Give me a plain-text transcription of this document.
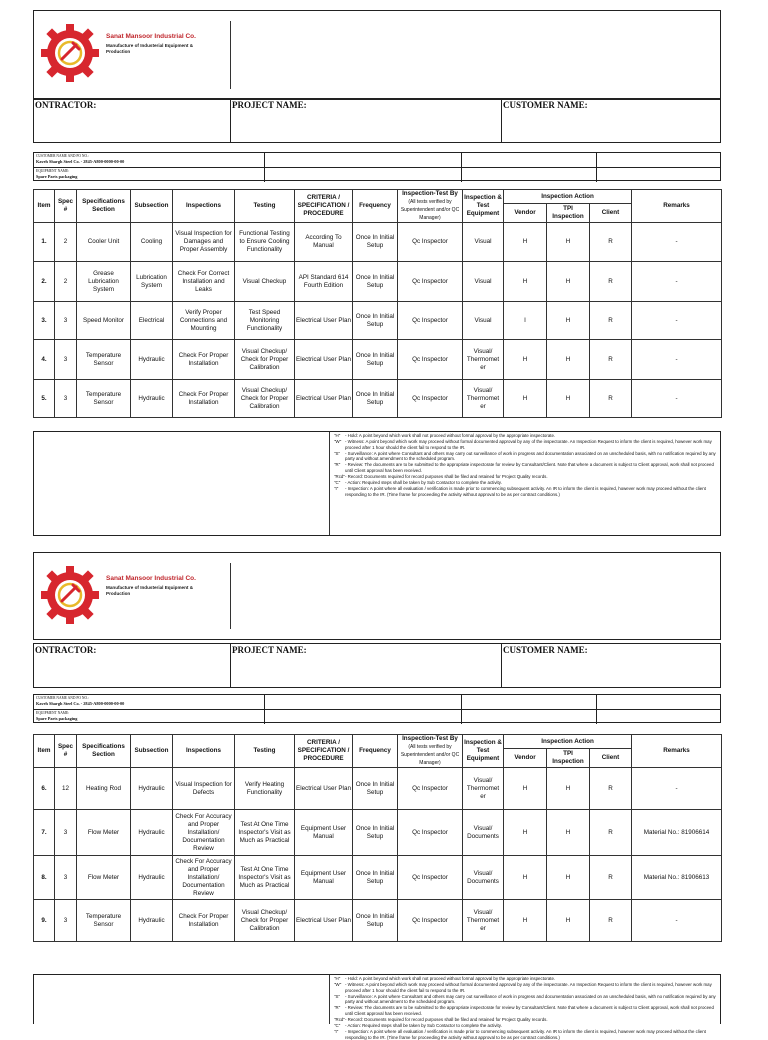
Sanat Mansoor Industrial Co.
Manufacture of Industerial Equipment & Production
ONTRACTOR:	PROJECT NAME:	CUSTOMER NAME:
CUSTOMER NAME AND PO NO.:
Kaveh Shargh Steel Co. - 2845-A800-0000-00-00
EQUIPMENT NAME:
Spare Parts packaging
Item	Spec #	Specifications Section	Subsection	Inspections	Testing	CRITERIA / SPECIFICATION / PROCEDURE	Frequency	Inspection-Test By
(All tests verified by Superintendent and/or QC Manager)	Inspection & Test Equipment	Inspection Action			Remarks
										Vendor	TPI Inspection	Client	
1.	2	Cooler Unit	Cooling	Visual Inspection for Damages and Proper Assembly	Functional Testing to Ensure Cooling Functionality	According To Manual	Once In Initial Setup	Qc Inspector	Visual	H	H	R	-
2.	2	Grease Lubrication System	Lubrication System	Check For Correct Installation and Leaks	Visual Checkup	API Standard 614 Fourth Edition	Once In Initial Setup	Qc Inspector	Visual	H	H	R	-
3.	3	Speed Monitor	Electrical	Verify Proper Connections and Mounting	Test Speed Monitoring Functionality	Electrical User Plan	Once In Initial Setup	Qc Inspector	Visual	I	H	R	-
4.	3	Temperature Sensor	Hydraulic	Check For Proper Installation	Visual Checkup/ Check for Proper Calibration	Electrical User Plan	Once In Initial Setup	Qc Inspector	Visual/ Thermomet er	H	H	R	-
5.	3	Temperature Sensor	Hydraulic	Check For Proper Installation	Visual Checkup/ Check for Proper Calibration	Electrical User Plan	Once In Initial Setup	Qc Inspector	Visual/ Thermomet er	H	H	R	-
"H"	- Hold: A point beyond which work shall not proceed without formal approval by the appropriate inspectorate.
"W" - Witness: A point beyond which work may proceed without formal documented approval by any of the inspectorate. An Inspection Request to inform the client is required, however work may proceed after 1 hour should the client fail to respond to the IR.
"S"	- Surveillance: A point where Consultant and others may carry out surveillance of work in progress and documentation associated on an unscheduled basis, with no notification required by any party and without amendment to the scheduled program.
"R"	- Review: The documents are to be submitted to the appropriate inspectorate for review by Consultant/Client. Note that where a document is subject to Client approval, work shall not proceed until Client approval has been received.
"Rcd" - Record: Documents required for record purposes shall be filed and retained for Project Quality records.
"C"	- Action: Required steps shall be taken by Sub Contactor to complete the activity.
"I"	- Inspection: A point where all evaluation / verification is made prior to commencing subsequent activity. An IR to inform the client is required, however work may proceed without the client responding to the IR. (Time frame for proceeding the activity without approval to be as per contract conditions.)
Sanat Mansoor Industrial Co.
Manufacture of Industerial Equipment & Production
ONTRACTOR:	PROJECT NAME:	CUSTOMER NAME:
CUSTOMER NAME AND PO NO.:
Kaveh Shargh Steel Co. - 2845-A800-0000-00-00
EQUIPMENT NAME:
Spare Parts packaging
Item	Spec #	Specifications Section	Subsection	Inspections	Testing	CRITERIA / SPECIFICATION / PROCEDURE	Frequency	Inspection-Test By
(All tests verified by Superintendent and/or QC Manager)	Inspection & Test Equipment	Inspection Action			Remarks
										Vendor	TPI Inspection	Client	
6.	12	Heating Rod	Hydraulic	Visual Inspection for Defects	Verify Heating Functionality	Electrical User Plan	Once In Initial Setup	Qc Inspector	Visual/ Thermomet er	H	H	R	-
7.	3	Flow Meter	Hydraulic	Check For Accuracy and Proper Installation/ Documentation Review	Test At One Time Inspector's Visit as Much as Practical	Equipment User Manual	Once In Initial Setup	Qc Inspector	Visual/ Documents	H	H	R	Material No.: 81906614
8.	3	Flow Meter	Hydraulic	Check For Accuracy and Proper Installation/ Documentation Review	Test At One Time Inspector's Visit as Much as Practical	Equipment User Manual	Once In Initial Setup	Qc Inspector	Visual/ Documents	H	H	R	Material No.: 81906613
9.	3	Temperature Sensor	Hydraulic	Check For Proper Installation	Visual Checkup/ Check for Proper Calibration	Electrical User Plan	Once In Initial Setup	Qc Inspector	Visual/ Thermomet er	H	H	R	-
"H"	- Hold: A point beyond which work shall not proceed without formal approval by the appropriate inspectorate.
"W" - Witness: A point beyond which work may proceed without formal documented approval by any of the inspectorate. An Inspection Request to inform the client is required, however work may proceed after 1 hour should the client fail to respond to the IR.
"S"	- Surveillance: A point where Consultant and others may carry out surveillance of work in progress and documentation associated on an unscheduled basis, with no notification required by any party and without amendment to the scheduled program.
"R"	- Review: The documents are to be submitted to the appropriate inspectorate for review by Consultant/Client. Note that where a document is subject to Client approval, work shall not proceed until Client approval has been received.
"Rcd" - Record: Documents required for record purposes shall be filed and retained for Project Quality records.
"C"	- Action: Required steps shall be taken by Sub Contactor to complete the activity.
"I"	- Inspection: A point where all evaluation / verification is made prior to commencing subsequent activity. An IR to inform the client is required, however work may proceed without the client responding to the IR. (Time frame for proceeding the activity without approval to be as per contract conditions.)
